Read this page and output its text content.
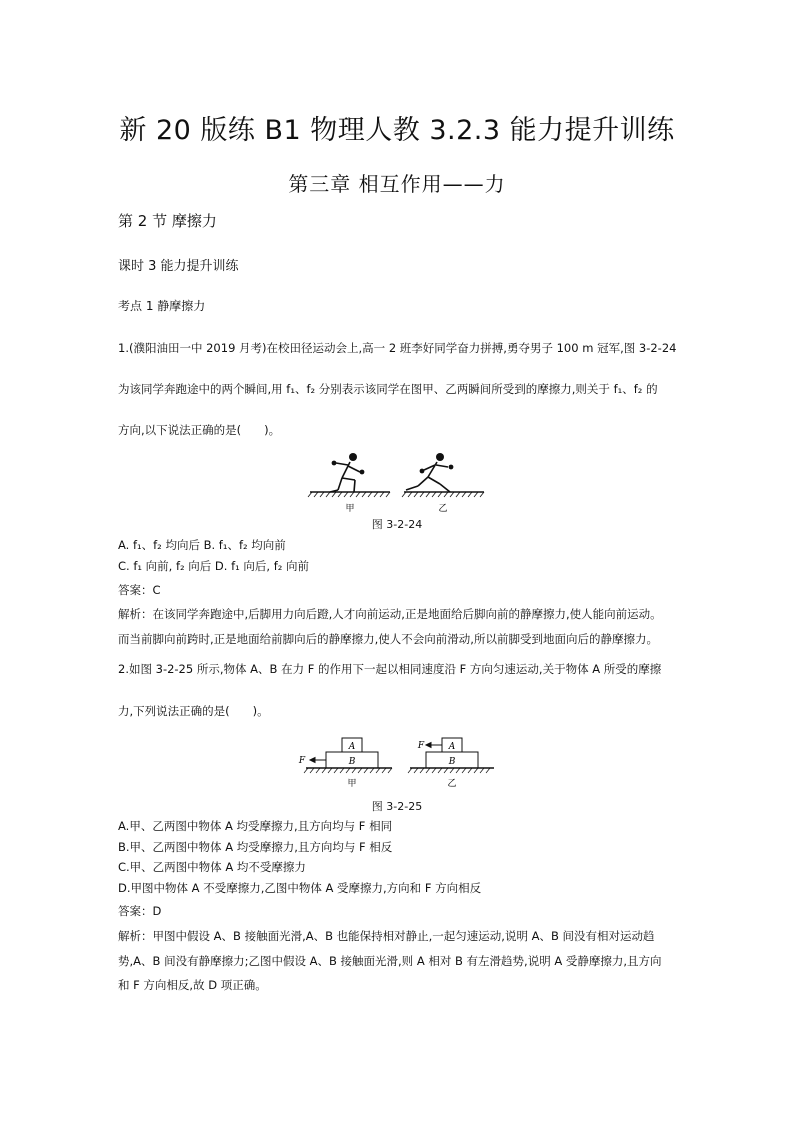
新 20 版练 B1 物理人教 3.2.3 能力提升训练
第三章 相互作用——力
第 2 节 摩擦力
课时 3 能力提升训练
考点 1 静摩擦力
1.(濮阳油田一中 2019 月考)在校田径运动会上,高一 2 班李好同学奋力拼搏,勇夺男子 100 m 冠军,图 3-2-24
为该同学奔跑途中的两个瞬间,用 f₁、f₂ 分别表示该同学在图甲、乙两瞬间所受到的摩擦力,则关于 f₁、f₂ 的
方向,以下说法正确的是(　　)。
甲	乙
图 3-2-24
A. f₁、f₂ 均向后 B. f₁、f₂ 均向前
C. f₁ 向前, f₂ 向后 D. f₁ 向后, f₂ 向前
答案：C
解析：在该同学奔跑途中,后脚用力向后蹬,人才向前运动,正是地面给后脚向前的静摩擦力,使人能向前运动。
而当前脚向前跨时,正是地面给前脚向后的静摩擦力,使人不会向前滑动,所以前脚受到地面向后的静摩擦力。
2.如图 3-2-25 所示,物体 A、B 在力 F 的作用下一起以相同速度沿 F 方向匀速运动,关于物体 A 所受的摩擦
力,下列说法正确的是(　　)。
A
B
F
甲
A
B
F
乙
图 3-2-25
A.甲、乙两图中物体 A 均受摩擦力,且方向均与 F 相同
B.甲、乙两图中物体 A 均受摩擦力,且方向均与 F 相反
C.甲、乙两图中物体 A 均不受摩擦力
D.甲图中物体 A 不受摩擦力,乙图中物体 A 受摩擦力,方向和 F 方向相反
答案：D
解析：甲图中假设 A、B 接触面光滑,A、B 也能保持相对静止,一起匀速运动,说明 A、B 间没有相对运动趋
势,A、B 间没有静摩擦力;乙图中假设 A、B 接触面光滑,则 A 相对 B 有左滑趋势,说明 A 受静摩擦力,且方向
和 F 方向相反,故 D 项正确。
